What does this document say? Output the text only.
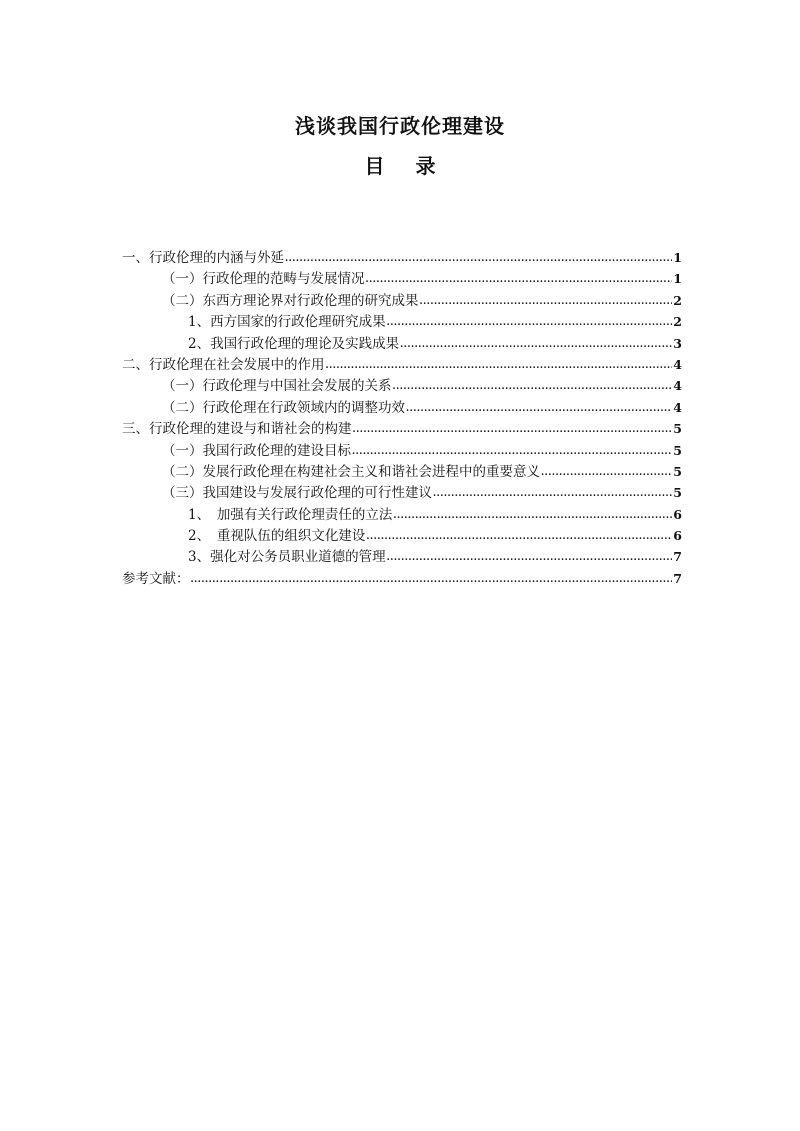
浅谈我国行政伦理建设
目 录
一、行政伦理的内涵与外延 .....	1
（一）行政伦理的范畴与发展情况 .....	1
（二）东西方理论界对行政伦理的研究成果 .....	2
1、西方国家的行政伦理研究成果 .....	2
2、我国行政伦理的理论及实践成果 .....	3
二、行政伦理在社会发展中的作用 .....	4
（一）行政伦理与中国社会发展的关系 .....	4
（二）行政伦理在行政领域内的调整功效 .....	4
三、行政伦理的建设与和谐社会的构建 .....	5
（一）我国行政伦理的建设目标 .....	5
（二）发展行政伦理在构建社会主义和谐社会进程中的重要意义 .....	5
（三）我国建设与发展行政伦理的可行性建议 .....	5
1、　加强有关行政伦理责任的立法 .....	6
2、　重视队伍的组织文化建设 .....	6
3、强化对公务员职业道德的管理 .....	7
参考文献： .....	7
